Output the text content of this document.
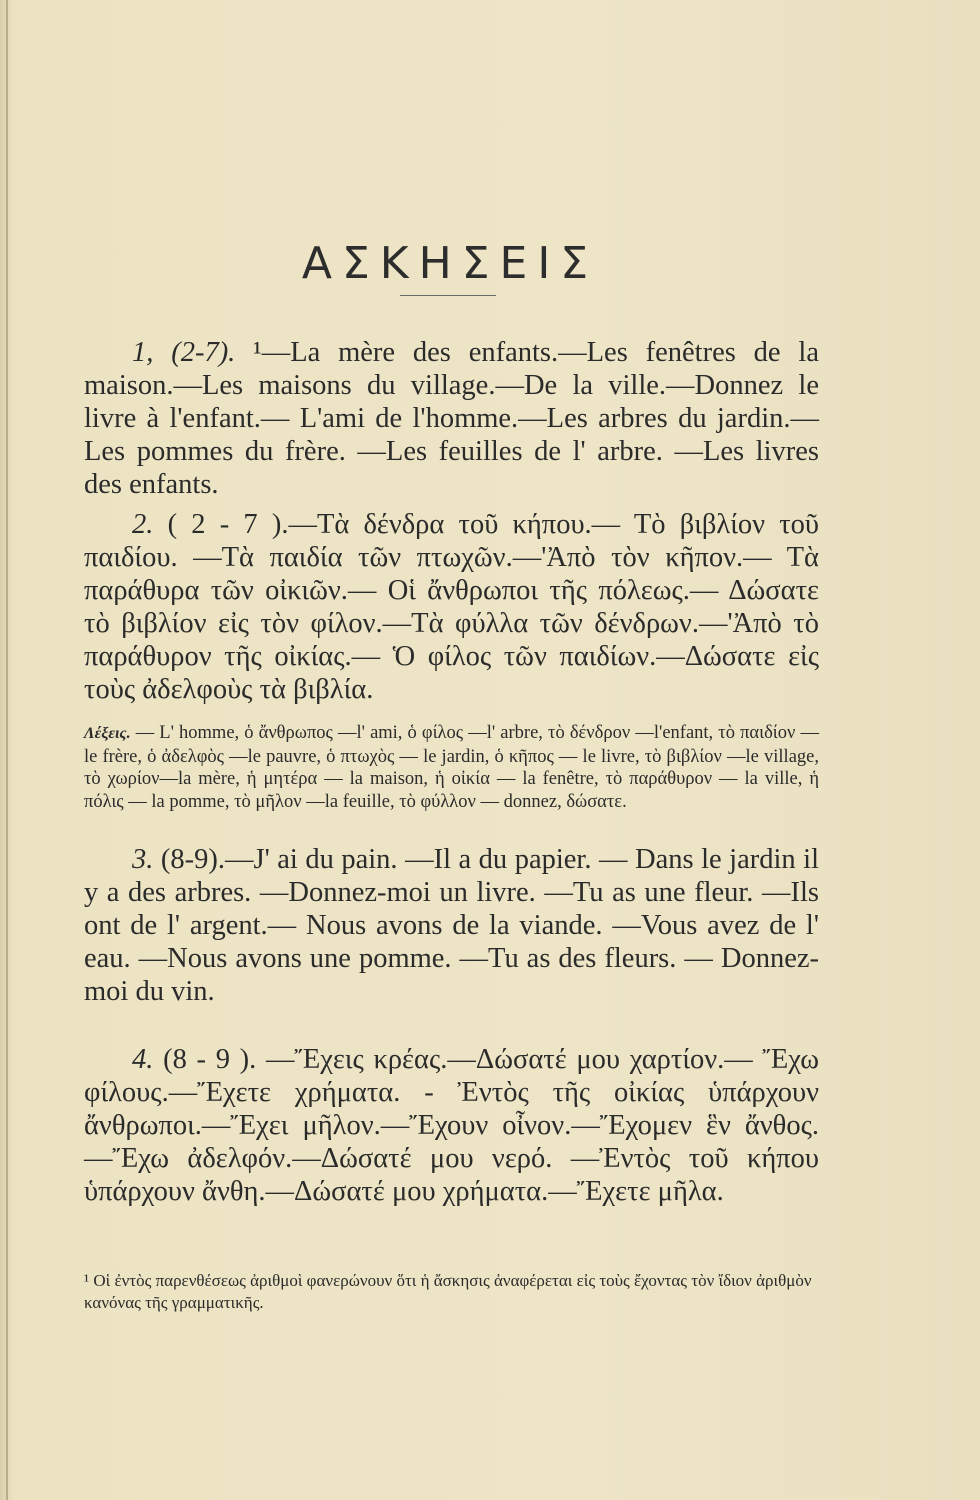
ΑΣΚΗΣΕΙΣ

1, (2-7). ¹—La mère des enfants.—Les fenêtres de la maison.—Les maisons du village.—De la ville.—Donnez le livre à l'enfant.— L'ami de l'homme.—Les arbres du jardin.—Les pommes du frère. —Les feuilles de l' arbre. —Les livres des enfants.

2. ( 2 - 7 ).—Τὰ δένδρα τοῦ κήπου.— Τὸ βιβλίον τοῦ παιδίου. —Τὰ παιδία τῶν πτωχῶν.—'Ἀπὸ τὸν κῆπον.— Τὰ παράθυρα τῶν οἰκιῶν.— Οἱ ἄνθρωποι τῆς πόλεως.— Δώσατε τὸ βιβλίον εἰς τὸν φίλον.—Τὰ φύλλα τῶν δένδρων.—'Ἀπὸ τὸ παράθυρον τῆς οἰκίας.— Ὁ φίλος τῶν παιδίων.—Δώσατε εἰς τοὺς ἀδελφοὺς τὰ βιβλία.

Λέξεις. — L' homme, ὁ ἄνθρωπος —l' ami, ὁ φίλος —l' arbre, τὸ δένδρον —l'enfant, τὸ παιδίον — le frère, ὁ ἀδελφὸς —le pauvre, ὁ πτωχὸς — le jardin, ὁ κῆπος — le livre, τὸ βιβλίον —le village, τὸ χωρίον—la mère, ἡ μητέρα — la maison, ἡ οἰκία — la fenêtre, τὸ παράθυρον — la ville, ἡ πόλις — la pomme, τὸ μῆλον —la feuille, τὸ φύλλον — donnez, δώσατε.

3. (8-9).—J' ai du pain. —Il a du papier. — Dans le jardin il y a des arbres. —Donnez-moi un livre. —Tu as une fleur. —Ils ont de l' argent.— Nous avons de la viande. —Vous avez de l' eau. —Nous avons une pomme. —Tu as des fleurs. — Donnez-moi du vin.

4. (8 - 9 ). —Ἔχεις κρέας.—Δώσατέ μου χαρτίον.— Ἔχω φίλους.—Ἔχετε χρήματα. - Ἐντὸς τῆς οἰκίας ὑπάρχουν ἄνθρωποι.—Ἔχει μῆλον.—Ἔχουν οἶνον.—Ἔχομεν ἓν ἄνθος.—Ἔχω ἀδελφόν.—Δώσατέ μου νερό. —Ἐντὸς τοῦ κήπου ὑπάρχουν ἄνθη.—Δώσατέ μου χρήματα.—Ἔχετε μῆλα.

¹ Οἱ ἐντὸς παρενθέσεως ἀριθμοὶ φανερώνουν ὅτι ἡ ἄσκησις ἀναφέρεται εἰς τοὺς ἔχοντας τὸν ἴδιον ἀριθμὸν κανόνας τῆς γραμματικῆς.
